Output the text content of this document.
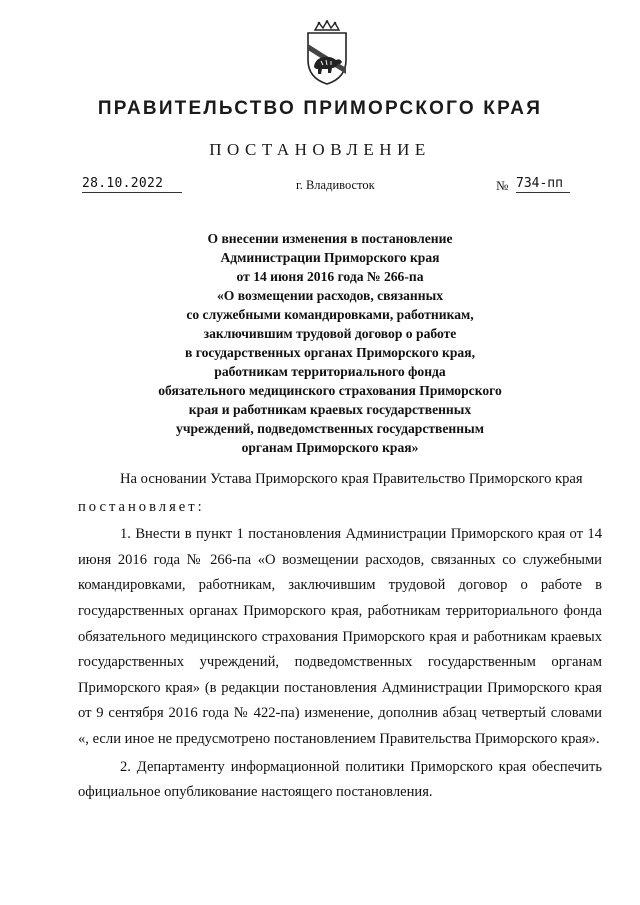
ПРАВИТЕЛЬСТВО ПРИМОРСКОГО КРАЯ
ПОСТАНОВЛЕНИЕ
28.10.2022	г. Владивосток	№ 734-пп
О внесении изменения в постановление
Администрации Приморского края
от 14 июня 2016 года № 266-па
«О возмещении расходов, связанных
со служебными командировками, работникам,
заключившим трудовой договор о работе
в государственных органах Приморского края,
работникам территориального фонда
обязательного медицинского страхования Приморского
края и работникам краевых государственных
учреждений, подведомственных государственным
органам Приморского края»

На основании Устава Приморского края Правительство Приморского края

постановляет:

1. Внести в пункт 1 постановления Администрации Приморского края от 14 июня 2016 года № 266-па «О возмещении расходов, связанных со служебными командировками, работникам, заключившим трудовой договор о работе в государственных органах Приморского края, работникам территориального фонда обязательного медицинского страхования Приморского края и работникам краевых государственных учреждений, подведомственных государственным органам Приморского края» (в редакции постановления Администрации Приморского края от 9 сентября 2016 года № 422-па) изменение, дополнив абзац четвертый словами «, если иное не предусмотрено постановлением Правительства Приморского края».

2. Департаменту информационной политики Приморского края обеспечить официальное опубликование настоящего постановления.
